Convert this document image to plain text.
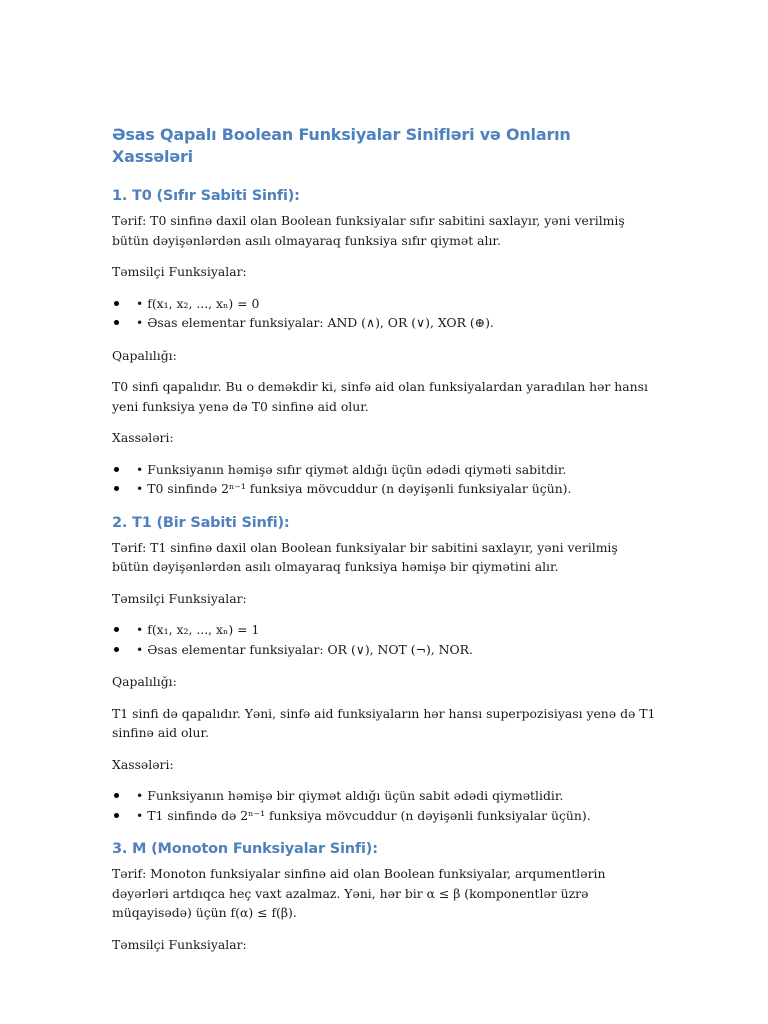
Əsas Qapalı Boolean Funksiyalar Sinifləri və Onların Xassələri
1. T0 (Sıfır Sabiti Sinfi):

Tərif: T0 sinfinə daxil olan Boolean funksiyalar sıfır sabitini saxlayır, yəni verilmiş bütün dəyişənlərdən asılı olmayaraq funksiya sıfır qiymət alır.

Təmsilçi Funksiyalar:

• f(x₁, x₂, ..., xₙ) = 0
• Əsas elementar funksiyalar: AND (∧), OR (∨), XOR (⊕).

Qapalılığı:

T0 sinfi qapalıdır. Bu o deməkdir ki, sinfə aid olan funksiyalardan yaradılan hər hansı yeni funksiya yenə də T0 sinfinə aid olur.

Xassələri:

• Funksiyanın həmişə sıfır qiymət aldığı üçün ədədi qiyməti sabitdir.
• T0 sinfində 2ⁿ⁻¹ funksiya mövcuddur (n dəyişənli funksiyalar üçün).
2. T1 (Bir Sabiti Sinfi):

Tərif: T1 sinfinə daxil olan Boolean funksiyalar bir sabitini saxlayır, yəni verilmiş bütün dəyişənlərdən asılı olmayaraq funksiya həmişə bir qiymətini alır.

Təmsilçi Funksiyalar:

• f(x₁, x₂, ..., xₙ) = 1
• Əsas elementar funksiyalar: OR (∨), NOT (¬), NOR.

Qapalılığı:

T1 sinfi də qapalıdır. Yəni, sinfə aid funksiyaların hər hansı superpozisiyası yenə də T1 sinfinə aid olur.

Xassələri:

• Funksiyanın həmişə bir qiymət aldığı üçün sabit ədədi qiymətlidir.
• T1 sinfində də 2ⁿ⁻¹ funksiya mövcuddur (n dəyişənli funksiyalar üçün).
3. M (Monoton Funksiyalar Sinfi):

Tərif: Monoton funksiyalar sinfinə aid olan Boolean funksiyalar, arqumentlərin dəyərləri artdıqca heç vaxt azalmaz. Yəni, hər bir α ≤ β (komponentlər üzrə müqayisədə) üçün f(α) ≤ f(β).

Təmsilçi Funksiyalar:
